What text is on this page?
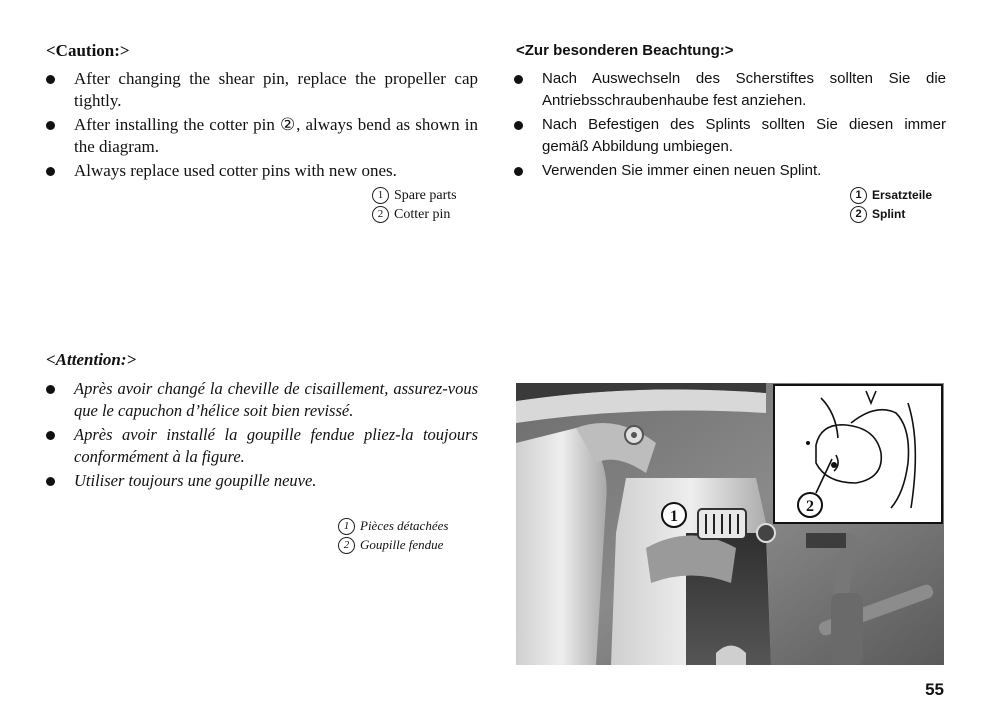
<Caution:>
After changing the shear pin, replace the propeller cap tightly.
After installing the cotter pin ②, always bend as shown in the diagram.
Always replace used cotter pins with new ones.
1 Spare parts
2 Cotter pin
<Zur besonderen Beachtung:>
Nach Auswechseln des Scherstiftes sollten Sie die Antriebsschraubenhaube fest anziehen.
Nach Befestigen des Splints sollten Sie diesen immer gemäß Abbildung umbiegen.
Verwenden Sie immer einen neuen Splint.
1 Ersatzteile
2 Splint
<Attention:>
Après avoir changé la cheville de cisaillement, assurez-vous que le capuchon d’hélice soit bien revissé.
Après avoir installé la goupille fendue pliez-la toujours conformément à la figure.
Utiliser toujours une goupille neuve.
1 Pièces détachées
2 Goupille fendue
1
2
55
